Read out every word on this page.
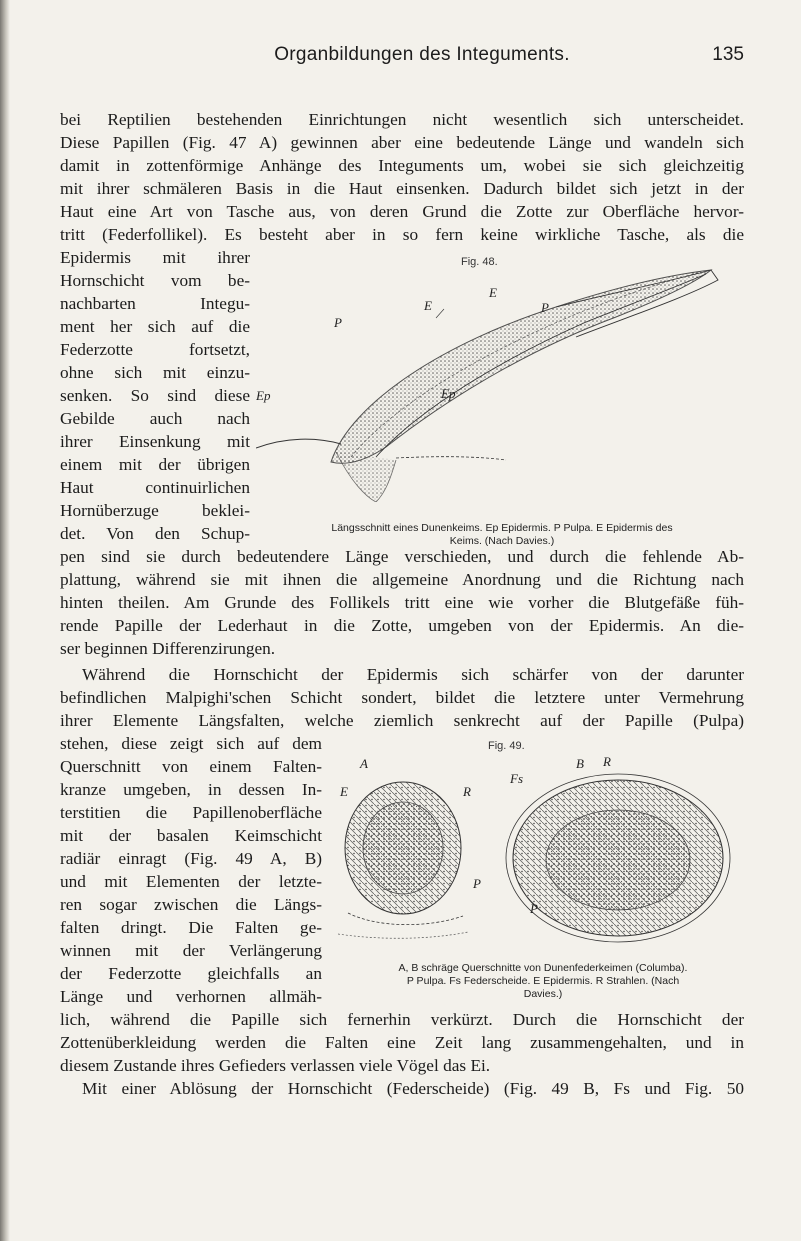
Organbildungen des Integuments.	135
bei Reptilien bestehenden Einrichtungen nicht wesentlich sich unterscheidet.
Diese Papillen (Fig. 47 A) gewinnen aber eine bedeutende Länge und wandeln sich
damit in zottenförmige Anhänge des Integuments um, wobei sie sich gleichzeitig
mit ihrer schmäleren Basis in die Haut einsenken. Dadurch bildet sich jetzt in der
Haut eine Art von Tasche aus, von deren Grund die Zotte zur Oberfläche hervor-
tritt (Federfollikel). Es besteht aber in so fern keine wirkliche Tasche, als die
Epidermis mit ihrer
Hornschicht vom be-
nachbarten Integu-
ment her sich auf die
Federzotte fortsetzt,
ohne sich mit einzu-
senken. So sind diese
Gebilde auch nach
ihrer Einsenkung mit
einem mit der übrigen
Haut continuirlichen
Hornüberzuge beklei-
det. Von den Schup-
pen sind sie durch bedeutendere Länge verschieden, und durch die fehlende Ab-
plattung, während sie mit ihnen die allgemeine Anordnung und die Richtung nach
hinten theilen. Am Grunde des Follikels tritt eine wie vorher die Blutgefäße füh-
rende Papille der Lederhaut in die Zotte, umgeben von der Epidermis. An die-
ser beginnen Differenzirungen.
Während die Hornschicht der Epidermis sich schärfer von der darunter
befindlichen Malpighi'schen Schicht sondert, bildet die letztere unter Vermehrung
ihrer Elemente Längsfalten, welche ziemlich senkrecht auf der Papille (Pulpa)
stehen, diese zeigt sich auf dem
Querschnitt von einem Falten-
kranze umgeben, in dessen In-
terstitien die Papillenoberfläche
mit der basalen Keimschicht
radiär einragt (Fig. 49 A, B)
und mit Elementen der letzte-
ren sogar zwischen die Längs-
falten dringt. Die Falten ge-
winnen mit der Verlängerung
der Federzotte gleichfalls an
Länge und verhornen allmäh-
lich, während die Papille sich fernerhin verkürzt. Durch die Hornschicht der
Zottenüberkleidung werden die Falten eine Zeit lang zusammengehalten, und in
diesem Zustande ihres Gefieders verlassen viele Vögel das Ei.
Mit einer Ablösung der Hornschicht (Federscheide) (Fig. 49 B, Fs und Fig. 50
Fig. 48.
E
E
P
P
Ep	Ep
Längsschnitt eines Dunenkeims. Ep Epidermis. P Pulpa. E Epidermis des
Keims. (Nach Davies.)
Fig. 49.
A	B R
E	R
P
Fs
P
A, B schräge Querschnitte von Dunenfederkeimen (Columba).
P Pulpa. Fs Federscheide. E Epidermis. R Strahlen. (Nach
Davies.)
